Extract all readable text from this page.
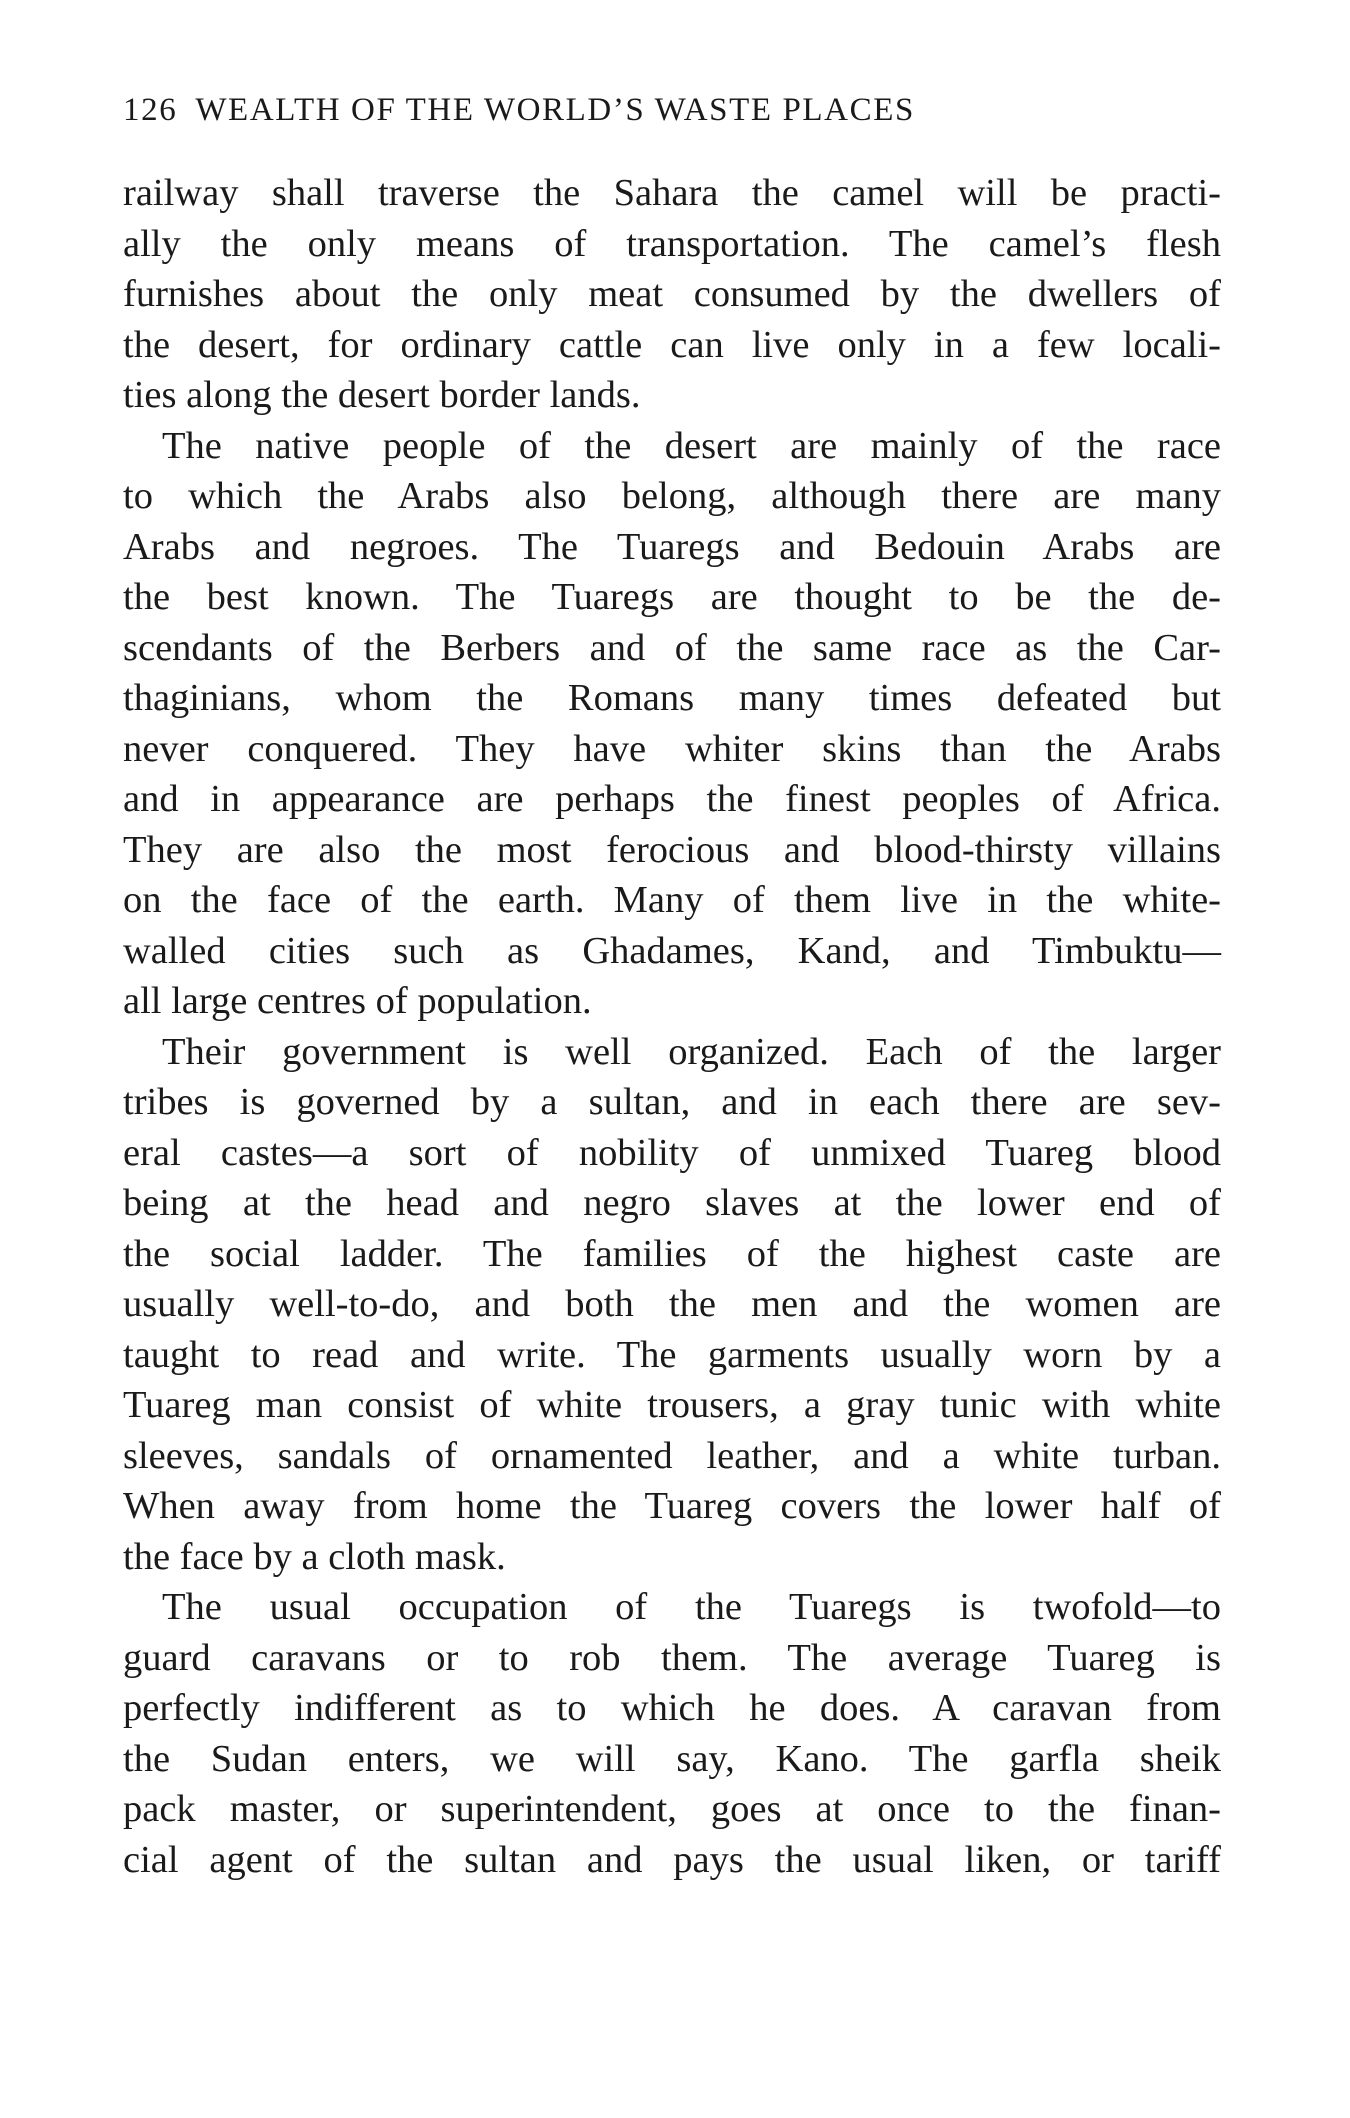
126 WEALTH OF THE WORLD’S WASTE PLACES
railway shall traverse the Sahara the camel will be practi-
ally the only means of transportation. The camel’s flesh
furnishes about the only meat consumed by the dwellers of
the desert, for ordinary cattle can live only in a few locali-
ties along the desert border lands.
The native people of the desert are mainly of the race
to which the Arabs also belong, although there are many
Arabs and negroes. The Tuaregs and Bedouin Arabs are
the best known. The Tuaregs are thought to be the de-
scendants of the Berbers and of the same race as the Car-
thaginians, whom the Romans many times defeated but
never conquered. They have whiter skins than the Arabs
and in appearance are perhaps the finest peoples of Africa.
They are also the most ferocious and blood-thirsty villains
on the face of the earth. Many of them live in the white-
walled cities such as Ghadames, Kand, and Timbuktu—
all large centres of population.
Their government is well organized. Each of the larger
tribes is governed by a sultan, and in each there are sev-
eral castes—a sort of nobility of unmixed Tuareg blood
being at the head and negro slaves at the lower end of
the social ladder. The families of the highest caste are
usually well-to-do, and both the men and the women are
taught to read and write. The garments usually worn by a
Tuareg man consist of white trousers, a gray tunic with white
sleeves, sandals of ornamented leather, and a white turban.
When away from home the Tuareg covers the lower half of
the face by a cloth mask.
The usual occupation of the Tuaregs is twofold—to
guard caravans or to rob them. The average Tuareg is
perfectly indifferent as to which he does. A caravan from
the Sudan enters, we will say, Kano. The garfla sheik
pack master, or superintendent, goes at once to the finan-
cial agent of the sultan and pays the usual liken, or tariff
